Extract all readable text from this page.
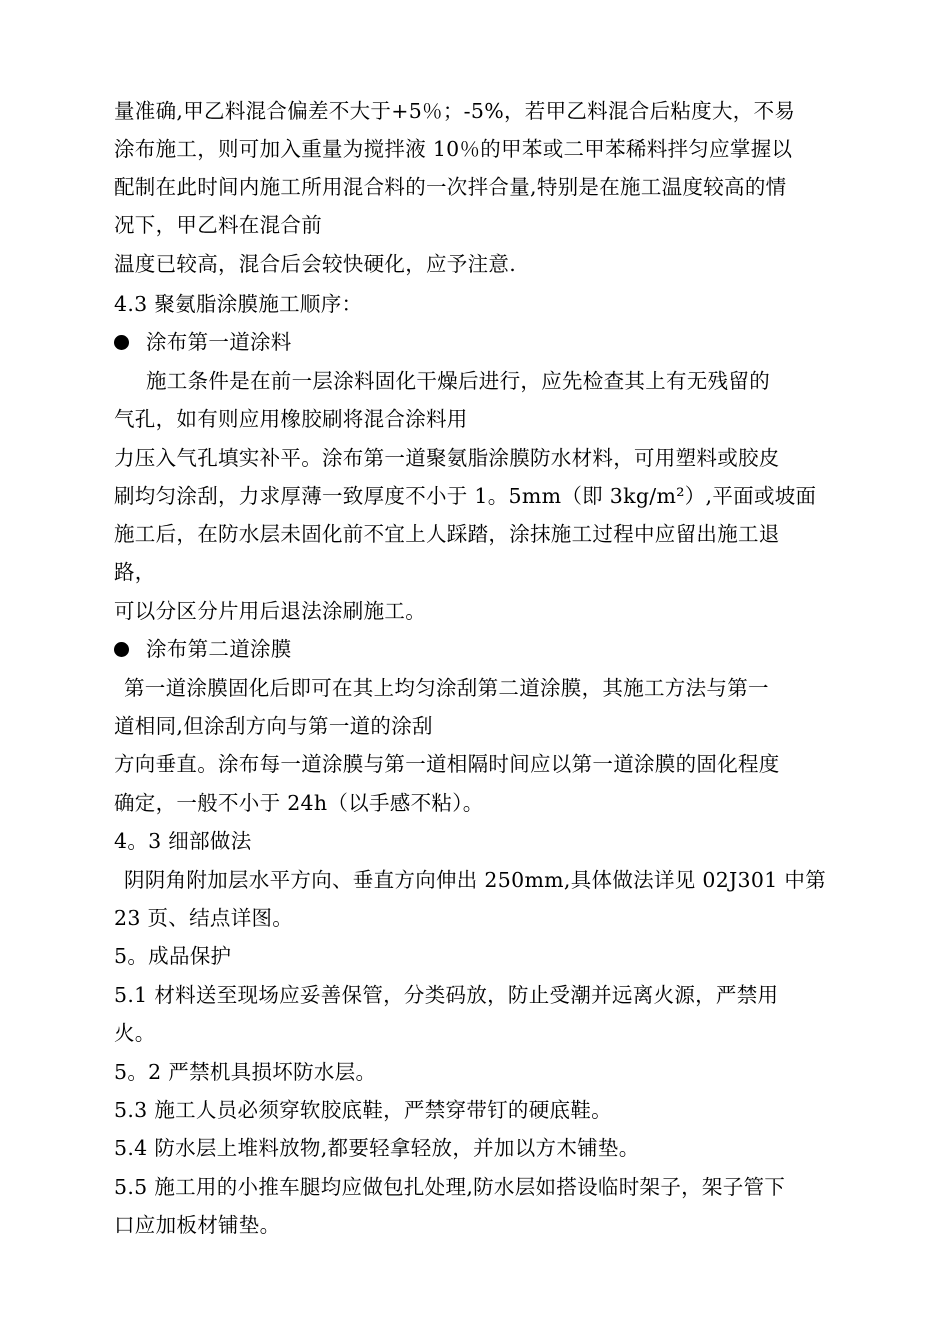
量准确,甲乙料混合偏差不大于+5％；-5%，若甲乙料混合后粘度大，不易
涂布施工，则可加入重量为搅拌液 10％的甲苯或二甲苯稀料拌匀应掌握以
配制在此时间内施工所用混合料的一次拌合量,特别是在施工温度较高的情
况下，甲乙料在混合前
温度已较高，混合后会较快硬化，应予注意.
4.3 聚氨脂涂膜施工顺序：
涂布第一道涂料
施工条件是在前一层涂料固化干燥后进行，应先检查其上有无残留的
气孔，如有则应用橡胶刷将混合涂料用
力压入气孔填实补平。涂布第一道聚氨脂涂膜防水材料，可用塑料或胶皮
刷均匀涂刮，力求厚薄一致厚度不小于 1。5mm（即 3kg/m²）,平面或坡面
施工后，在防水层未固化前不宜上人踩踏，涂抹施工过程中应留出施工退
路，
可以分区分片用后退法涂刷施工。
涂布第二道涂膜
第一道涂膜固化后即可在其上均匀涂刮第二道涂膜，其施工方法与第一
道相同,但涂刮方向与第一道的涂刮
方向垂直。涂布每一道涂膜与第一道相隔时间应以第一道涂膜的固化程度
确定，一般不小于 24h（以手感不粘）。
4。3 细部做法
阴阴角附加层水平方向、垂直方向伸出 250mm,具体做法详见 02J301 中第
23 页、结点详图。
5。成品保护
5.1 材料送至现场应妥善保管，分类码放，防止受潮并远离火源，严禁用
火。
5。2 严禁机具损坏防水层。
5.3 施工人员必须穿软胶底鞋，严禁穿带钉的硬底鞋。
5.4 防水层上堆料放物,都要轻拿轻放，并加以方木铺垫。
5.5 施工用的小推车腿均应做包扎处理,防水层如搭设临时架子，架子管下
口应加板材铺垫。
